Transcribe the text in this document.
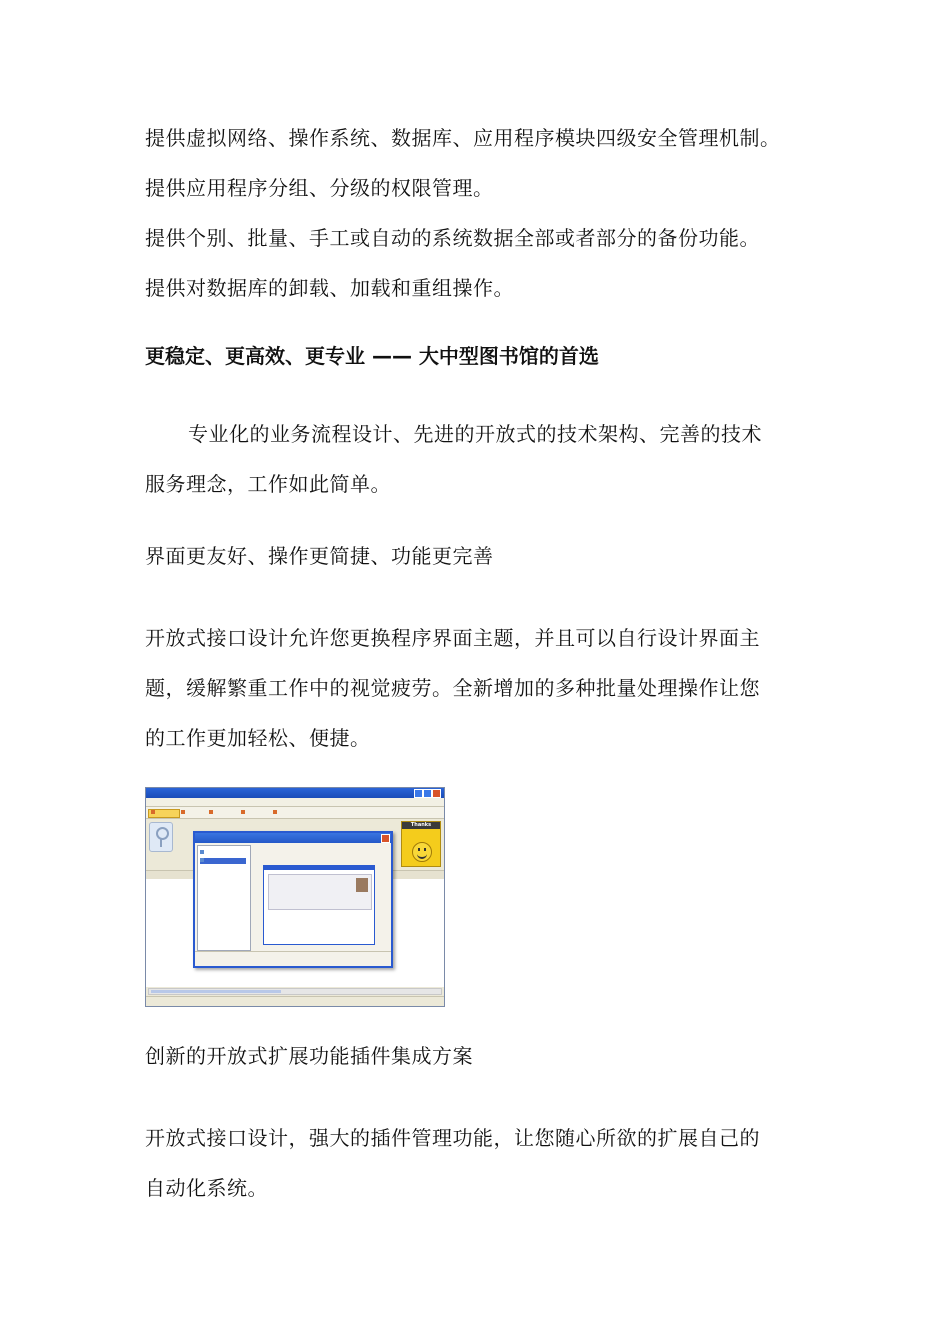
提供虚拟网络、操作系统、数据库、应用程序模块四级安全管理机制。
提供应用程序分组、分级的权限管理。
提供个别、批量、手工或自动的系统数据全部或者部分的备份功能。
提供对数据库的卸载、加载和重组操作。
更稳定、更高效、更专业 —— 大中型图书馆的首选
专业化的业务流程设计、先进的开放式的技术架构、完善的技术
服务理念，工作如此简单。
界面更友好、操作更简捷、功能更完善
开放式接口设计允许您更换程序界面主题，并且可以自行设计界面主
题，缓解繁重工作中的视觉疲劳。全新增加的多种批量处理操作让您
的工作更加轻松、便捷。
Thanks
创新的开放式扩展功能插件集成方案
开放式接口设计，强大的插件管理功能，让您随心所欲的扩展自己的
自动化系统。
